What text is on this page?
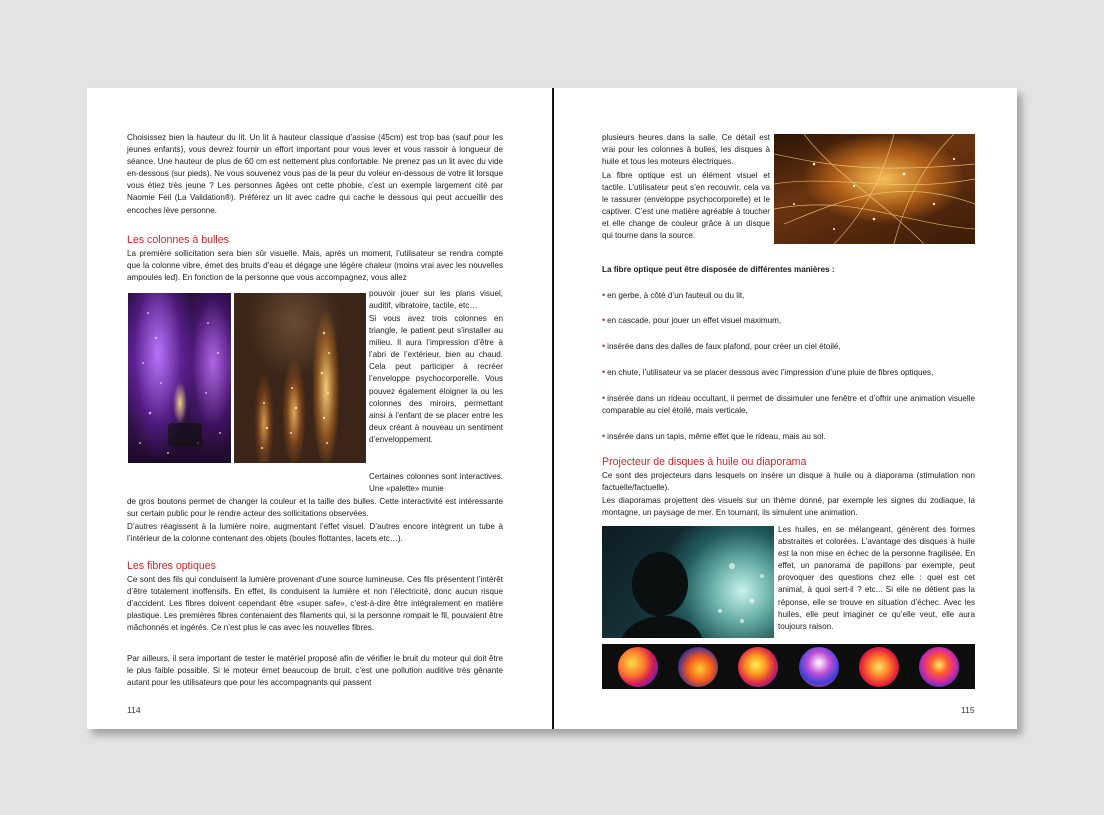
Choisissez bien la hauteur du lit. Un lit à hauteur classique d’assise (45cm) est trop bas (sauf pour les jeunes enfants), vous devrez fournir un effort important pour vous lever et vous rassoir à longueur de séance. Une hauteur de plus de 60 cm est nettement plus confortable. Ne prenez pas un lit avec du vide en-dessous (sur pieds). Ne vous souvenez vous pas de la peur du voleur en-dessous de votre lit lorsque vous étiez très jeune ? Les personnes âgées ont cette phobie, c’est un exemple largement cité par Naomie Feil (La Validation®). Préférez un lit avec cadre qui cache le dessous qui peut accueillir des encoches lève personne.

Les colonnes à bulles

La première sollicitation sera bien sûr visuelle. Mais, après un moment, l’utilisateur se rendra compte que la colonne vibre, émet des bruits d’eau et dégage une légère chaleur (moins vrai avec les nouvelles ampoules led). En fonction de la personne que vous accompagnez, vous allez

pouvoir jouer sur les plans visuel, auditif, vibratoire, tactile, etc…

Si vous avez trois colonnes en triangle, le patient peut s’installer au milieu. Il aura l’impression d’être à l’abri de l’extérieur, bien au chaud. Cela peut participer à recréer l’enveloppe psychocorporelle. Vous pouvez également éloigner la ou les colonnes des miroirs, permettant ainsi à l’enfant de se placer entre les deux créant à nouveau un sentiment d’enveloppement.

Certaines colonnes sont interactives. Une «palette» munie

de gros boutons permet de changer la couleur et la taille des bulles. Cette interactivité est intéressante sur certain public pour le rendre acteur des sollicitations observées.

D’autres réagissent à la lumière noire, augmentant l’effet visuel. D’autres encore intègrent un tube à l’intérieur de la colonne contenant des objets (boules flottantes, lacets etc…).

Les fibres optiques

Ce sont des fils qui conduisent la lumière provenant d’une source lumineuse. Ces fils présentent l’intérêt d’être totalement inoffensifs. En effet, ils conduisent la lumière et non l’électricité, donc aucun risque d’accident. Les fibres doivent cependant être «super safe», c’est-à-dire être intégralement en matière plastique. Les premières fibres contenaient des filaments qui, si la personne rompait le fil, pouvaient être mâchonnés et ingérés. Ce n’est plus le cas avec les nouvelles fibres.

Par ailleurs, il sera important de tester le matériel proposé afin de vérifier le bruit du moteur qui doit être le plus faible possible. Si le moteur émet beaucoup de bruit, c’est une pollution auditive très gênante autant pour les utilisateurs que pour les accompagnants qui passent

114

plusieurs heures dans la salle. Ce détail est vrai pour les colonnes à bulles, les disques à huile et tous les moteurs électriques.

La fibre optique est un élément visuel et tactile. L’utilisateur peut s’en recouvrir, cela va le rassurer (enveloppe psychocorporelle) et le captiver. C’est une matière agréable à toucher et elle change de couleur grâce à un disque qui tourne dans la source.

La fibre optique peut être disposée de différentes manières :
• en gerbe, à côté d’un fauteuil ou du lit,
• en cascade, pour jouer un effet visuel maximum,
• insérée dans des dalles de faux plafond, pour créer un ciel étoilé,
• en chute, l’utilisateur va se placer dessous avec l’impression d’une pluie de fibres optiques,
• insérée dans un rideau occultant, il permet de dissimuler une fenêtre et d’offrir une animation visuelle comparable au ciel étoilé, mais verticale,
• insérée dans un tapis, même effet que le rideau, mais au sol.
Projecteur de disques à huile ou diaporama

Ce sont des projecteurs dans lesquels on insère un disque à huile ou à diaporama (stimulation non factuelle/factuelle).

Les diaporamas projettent des visuels sur un thème donné, par exemple les signes du zodiaque, la montagne, un paysage de mer. En tournant, ils simulent une animation.

Les huiles, en se mélangeant, génèrent des formes abstraites et colorées. L’avantage des disques à huile est la non mise en échec de la personne fragilisée. En effet, un panorama de papillons par exemple, peut provoquer des questions chez elle : quel est cet animal, à quoi sert-il ? etc... Si elle ne détient pas la réponse, elle se trouve en situation d’échec. Avec les huiles, elle peut imaginer ce qu’elle veut, elle aura toujours raison.

115
